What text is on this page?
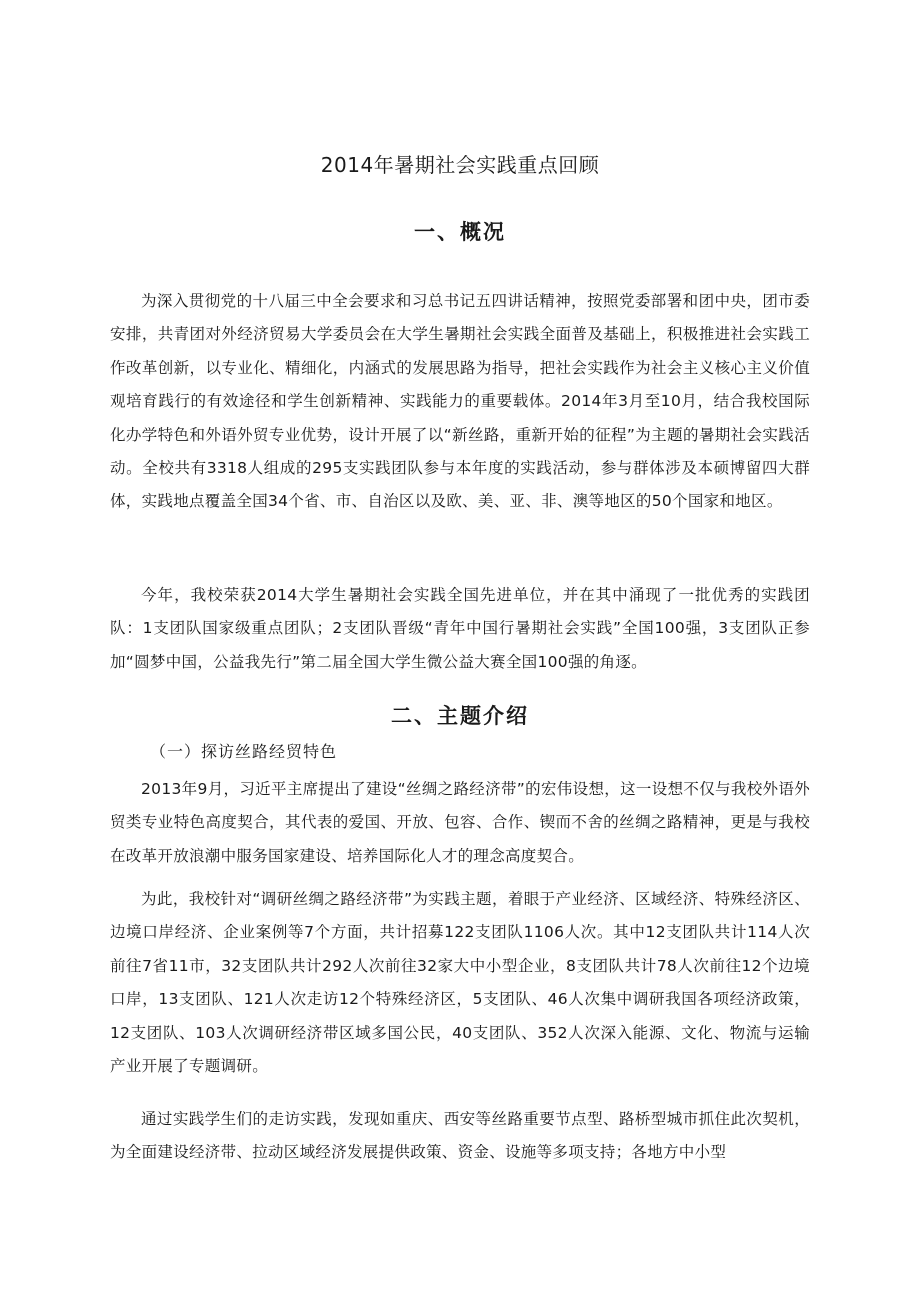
2014年暑期社会实践重点回顾
一、概况

为深入贯彻党的十八届三中全会要求和习总书记五四讲话精神，按照党委部署和团中央，团市委安排，共青团对外经济贸易大学委员会在大学生暑期社会实践全面普及基础上，积极推进社会实践工作改革创新，以专业化、精细化，内涵式的发展思路为指导，把社会实践作为社会主义核心主义价值观培育践行的有效途径和学生创新精神、实践能力的重要载体。2014年3月至10月，结合我校国际化办学特色和外语外贸专业优势，设计开展了以“新丝路，重新开始的征程”为主题的暑期社会实践活动。全校共有3318人组成的295支实践团队参与本年度的实践活动，参与群体涉及本硕博留四大群体，实践地点覆盖全国34个省、市、自治区以及欧、美、亚、非、澳等地区的50个国家和地区。

今年，我校荣获2014大学生暑期社会实践全国先进单位，并在其中涌现了一批优秀的实践团队：1支团队国家级重点团队；2支团队晋级“青年中国行暑期社会实践”全国100强，3支团队正参加“圆梦中国，公益我先行”第二届全国大学生微公益大赛全国100强的角逐。

二、主题介绍
（一）探访丝路经贸特色

2013年9月，习近平主席提出了建设“丝绸之路经济带”的宏伟设想，这一设想不仅与我校外语外贸类专业特色高度契合，其代表的爱国、开放、包容、合作、锲而不舍的丝绸之路精神，更是与我校在改革开放浪潮中服务国家建设、培养国际化人才的理念高度契合。

为此，我校针对“调研丝绸之路经济带”为实践主题，着眼于产业经济、区域经济、特殊经济区、边境口岸经济、企业案例等7个方面，共计招募122支团队1106人次。其中12支团队共计114人次前往7省11市，32支团队共计292人次前往32家大中小型企业，8支团队共计78人次前往12个边境口岸，13支团队、121人次走访12个特殊经济区，5支团队、46人次集中调研我国各项经济政策，12支团队、103人次调研经济带区域多国公民，40支团队、352人次深入能源、文化、物流与运输产业开展了专题调研。

通过实践学生们的走访实践，发现如重庆、西安等丝路重要节点型、路桥型城市抓住此次契机，为全面建设经济带、拉动区域经济发展提供政策、资金、设施等多项支持；各地方中小型
